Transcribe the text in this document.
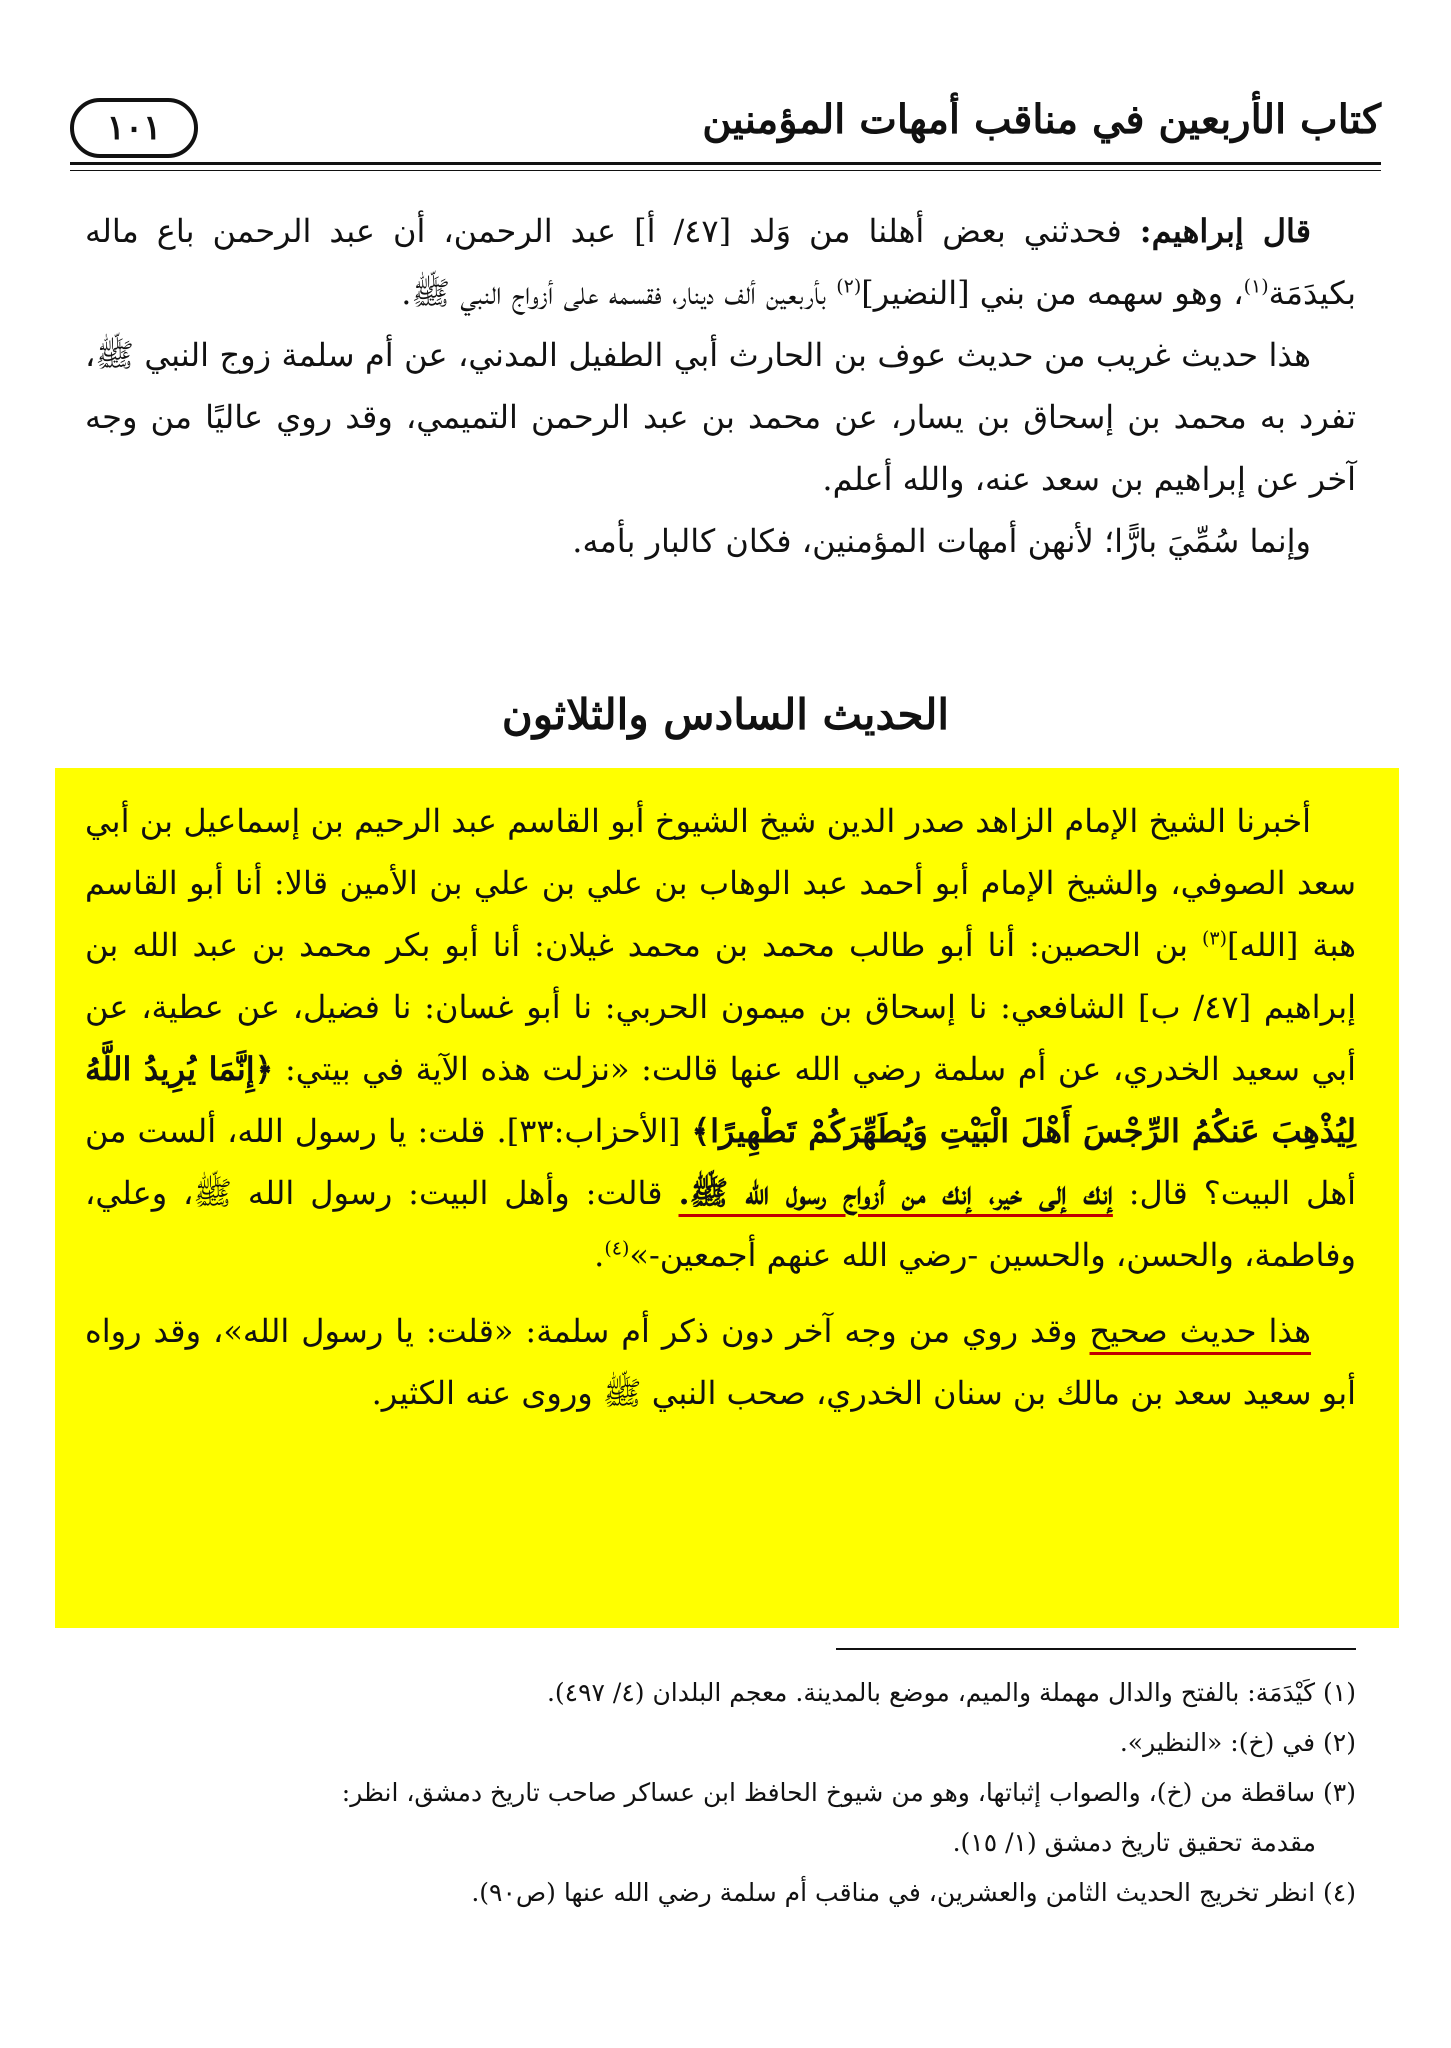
كتاب الأربعين في مناقب أمهات المؤمنين
١٠١

قال إبراهيم: فحدثني بعض أهلنا من وَلد [٤٧/ أ] عبد الرحمن، أن عبد الرحمن باع ماله بكيدَمَة$^{(١)}$، وهو سهمه من بني [النضير]$^{(٢)}$ بأربعين ألف دينار، فقسمه على أزواج النبي ﷺ.

هذا حديث غريب من حديث عوف بن الحارث أبي الطفيل المدني، عن أم سلمة زوج النبي ﷺ، تفرد به محمد بن إسحاق بن يسار، عن محمد بن عبد الرحمن التميمي، وقد روي عاليًا من وجه آخر عن إبراهيم بن سعد عنه، والله أعلم.

وإنما سُمِّيَ بارًّا؛ لأنهن أمهات المؤمنين، فكان كالبار بأمه.

الحديث السادس والثلاثون

أخبرنا الشيخ الإمام الزاهد صدر الدين شيخ الشيوخ أبو القاسم عبد الرحيم بن إسماعيل بن أبي سعد الصوفي، والشيخ الإمام أبو أحمد عبد الوهاب بن علي بن علي بن الأمين قالا: أنا أبو القاسم هبة [الله]$^{(٣)}$ بن الحصين: أنا أبو طالب محمد بن محمد غيلان: أنا أبو بكر محمد بن عبد الله بن إبراهيم [٤٧/ ب] الشافعي: نا إسحاق بن ميمون الحربي: نا أبو غسان: نا فضيل، عن عطية، عن أبي سعيد الخدري، عن أم سلمة رضي الله عنها قالت: «نزلت هذه الآية في بيتي: ﴿إِنَّمَا يُرِيدُ اللَّهُ لِيُذْهِبَ عَنكُمُ الرِّجْسَ أَهْلَ الْبَيْتِ وَيُطَهِّرَكُمْ تَطْهِيرًا﴾ [الأحزاب:٣٣]. قلت: يا رسول الله، ألست من أهل البيت؟ قال: إنك إلى خير، إنك من أزواج رسول الله ﷺ. قالت: وأهل البيت: رسول الله ﷺ، وعلي، وفاطمة، والحسن، والحسين -رضي الله عنهم أجمعين-»$^{(٤)}$.

هذا حديث صحيح وقد روي من وجه آخر دون ذكر أم سلمة: «قلت: يا رسول الله»، وقد رواه أبو سعيد سعد بن مالك بن سنان الخدري، صحب النبي ﷺ وروى عنه الكثير.

(١) كَيْدَمَة: بالفتح والدال مهملة والميم، موضع بالمدينة. معجم البلدان (٤/ ٤٩٧).

(٢) في (خ): «النظير».

(٣) ساقطة من (خ)، والصواب إثباتها، وهو من شيوخ الحافظ ابن عساكر صاحب تاريخ دمشق، انظر:

مقدمة تحقيق تاريخ دمشق (١/ ١٥).

(٤) انظر تخريج الحديث الثامن والعشرين، في مناقب أم سلمة رضي الله عنها (ص٩٠).
